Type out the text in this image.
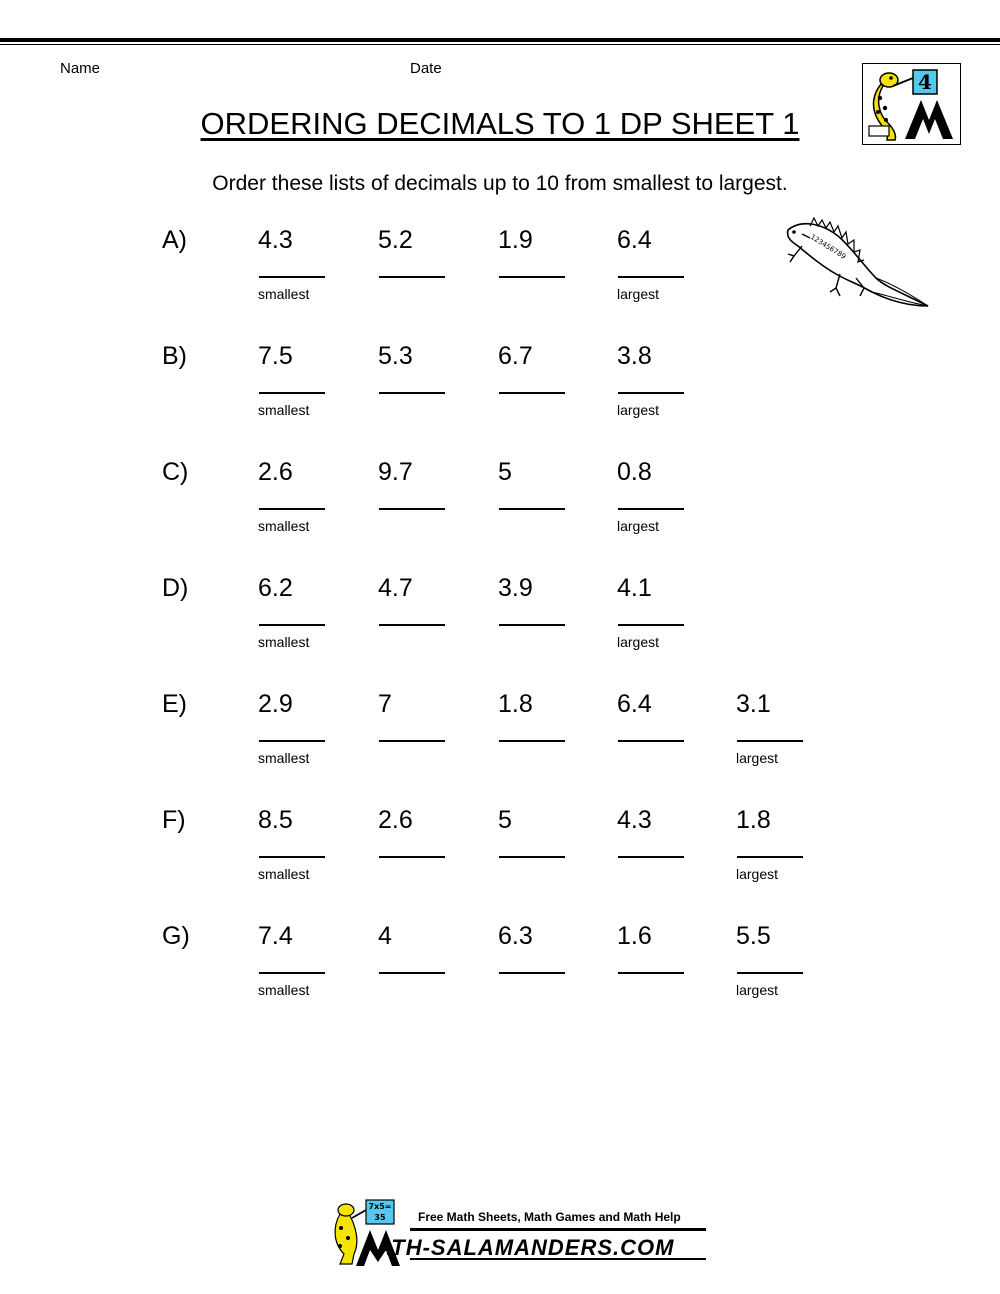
Name	Date
4
ORDERING DECIMALS TO 1 DP SHEET 1
Order these lists of decimals up to 10 from smallest to largest.
123456789
A)	4.3	5.2	1.9	6.4
smallest	largest
B)	7.5	5.3	6.7	3.8
smallest	largest
C)	2.6	9.7	5	0.8
smallest	largest
D)	6.2	4.7	3.9	4.1
smallest	largest
E)	2.9	7	1.8	6.4	3.1
smallest	largest
F)	8.5	2.6	5	4.3	1.8
smallest	largest
G)	7.4	4	6.3	1.6	5.5
smallest	largest
7x5=
35	Free Math Sheets, Math Games and Math Help
ATH-SALAMANDERS.COM
